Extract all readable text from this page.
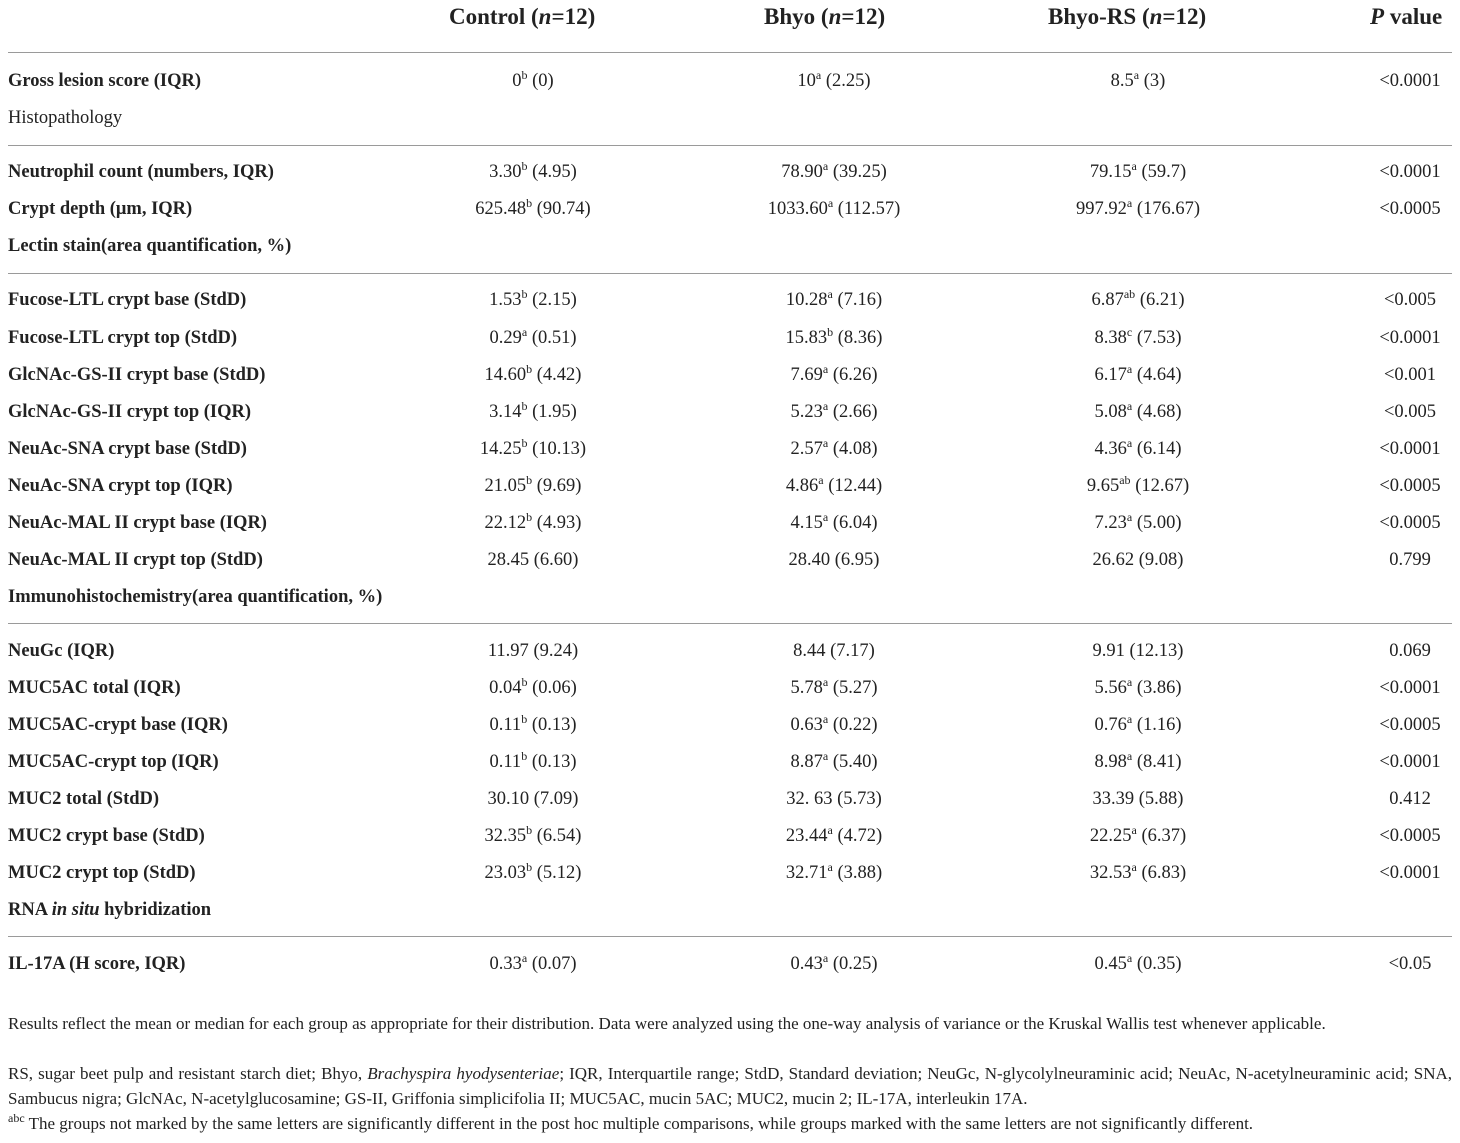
Control (n=12)	Bhyo (n=12)	Bhyo-RS (n=12)	P value
Gross lesion score (IQR)	0$^b$ (0)	10$^a$ (2.25)	8.5$^a$ (3)	<0.0001
Histopathology
Neutrophil count (numbers, IQR)	3.30$^b$ (4.95)	78.90$^a$ (39.25)	79.15$^a$ (59.7)	<0.0001
Crypt depth (μm, IQR)	625.48$^b$ (90.74)	1033.60$^a$ (112.57)	997.92$^a$ (176.67)	<0.0005
Lectin stain(area quantification, %)
Fucose-LTL crypt base (StdD)	1.53$^b$ (2.15)	10.28$^a$ (7.16)	6.87$^{ab}$ (6.21)	<0.005
Fucose-LTL crypt top (StdD)	0.29$^a$ (0.51)	15.83$^b$ (8.36)	8.38$^c$ (7.53)	<0.0001
GlcNAc-GS-II crypt base (StdD)	14.60$^b$ (4.42)	7.69$^a$ (6.26)	6.17$^a$ (4.64)	<0.001
GlcNAc-GS-II crypt top (IQR)	3.14$^b$ (1.95)	5.23$^a$ (2.66)	5.08$^a$ (4.68)	<0.005
NeuAc-SNA crypt base (StdD)	14.25$^b$ (10.13)	2.57$^a$ (4.08)	4.36$^a$ (6.14)	<0.0001
NeuAc-SNA crypt top (IQR)	21.05$^b$ (9.69)	4.86$^a$ (12.44)	9.65$^{ab}$ (12.67)	<0.0005
NeuAc-MAL II crypt base (IQR)	22.12$^b$ (4.93)	4.15$^a$ (6.04)	7.23$^a$ (5.00)	<0.0005
NeuAc-MAL II crypt top (StdD)	28.45 (6.60)	28.40 (6.95)	26.62 (9.08)	0.799
Immunohistochemistry(area quantification, %)
NeuGc (IQR)	11.97 (9.24)	8.44 (7.17)	9.91 (12.13)	0.069
MUC5AC total (IQR)	0.04$^b$ (0.06)	5.78$^a$ (5.27)	5.56$^a$ (3.86)	<0.0001
MUC5AC-crypt base (IQR)	0.11$^b$ (0.13)	0.63$^a$ (0.22)	0.76$^a$ (1.16)	<0.0005
MUC5AC-crypt top (IQR)	0.11$^b$ (0.13)	8.87$^a$ (5.40)	8.98$^a$ (8.41)	<0.0001
MUC2 total (StdD)	30.10 (7.09)	32. 63 (5.73)	33.39 (5.88)	0.412
MUC2 crypt base (StdD)	32.35$^b$ (6.54)	23.44$^a$ (4.72)	22.25$^a$ (6.37)	<0.0005
MUC2 crypt top (StdD)	23.03$^b$ (5.12)	32.71$^a$ (3.88)	32.53$^a$ (6.83)	<0.0001
RNA in situ hybridization
IL-17A (H score, IQR)	0.33$^a$ (0.07)	0.43$^a$ (0.25)	0.45$^a$ (0.35)	<0.05
Results reflect the mean or median for each group as appropriate for their distribution. Data were analyzed using the one-way analysis of variance or the Kruskal Wallis test whenever applicable.
RS, sugar beet pulp and resistant starch diet; Bhyo, Brachyspira hyodysenteriae; IQR, Interquartile range; StdD, Standard deviation; NeuGc, N-glycolylneuraminic acid; NeuAc, N-acetylneuraminic acid; SNA, Sambucus nigra; GlcNAc, N-acetylglucosamine; GS-II, Griffonia simplicifolia II; MUC5AC, mucin 5AC; MUC2, mucin 2; IL-17A, interleukin 17A.
$^{abc}$ The groups not marked by the same letters are significantly different in the post hoc multiple comparisons, while groups marked with the same letters are not significantly different.
